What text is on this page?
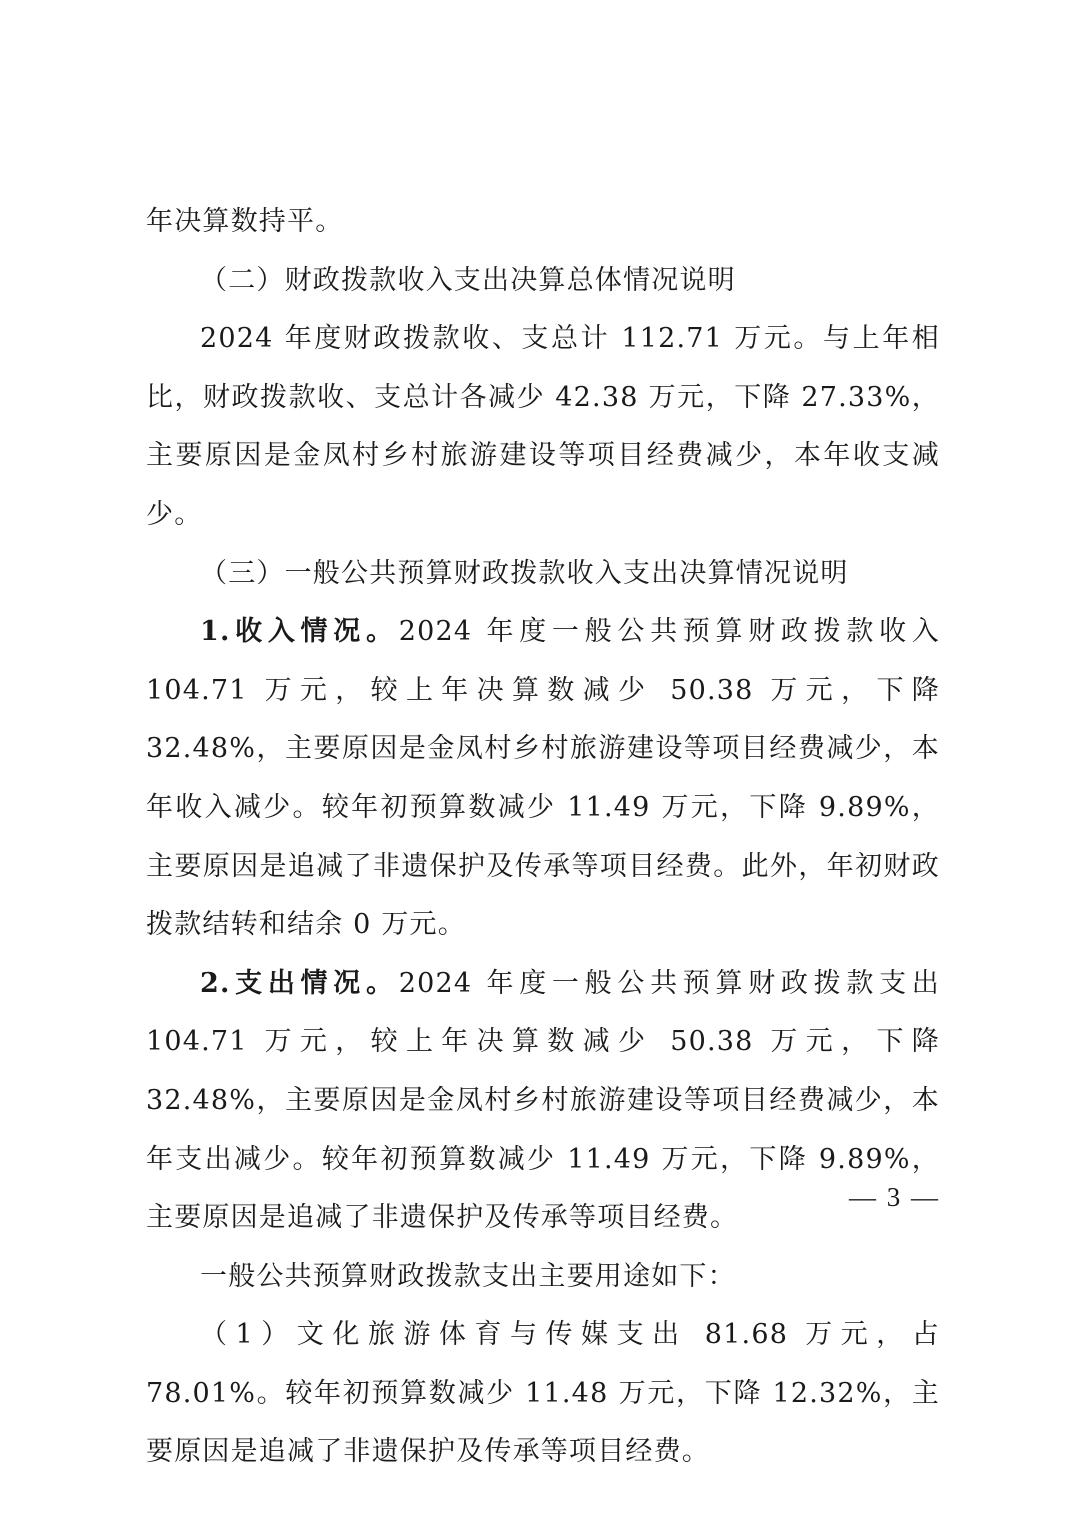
年决算数持平。

（二）财政拨款收入支出决算总体情况说明

2024 年度财政拨款收、支总计 112.71 万元。与上年相比，财政拨款收、支总计各减少 42.38 万元，下降 27.33%，主要原因是金凤村乡村旅游建设等项目经费减少，本年收支减少。

（三）一般公共预算财政拨款收入支出决算情况说明

1.收入情况。2024 年度一般公共预算财政拨款收入 104.71 万元，较上年决算数减少 50.38 万元，下降 32.48%，主要原因是金凤村乡村旅游建设等项目经费减少，本年收入减少。较年初预算数减少 11.49 万元，下降 9.89%，主要原因是追减了非遗保护及传承等项目经费。此外，年初财政拨款结转和结余 0 万元。

2.支出情况。2024 年度一般公共预算财政拨款支出 104.71 万元，较上年决算数减少 50.38 万元，下降 32.48%，主要原因是金凤村乡村旅游建设等项目经费减少，本年支出减少。较年初预算数减少 11.49 万元，下降 9.89%，主要原因是追减了非遗保护及传承等项目经费。

一般公共预算财政拨款支出主要用途如下：

（1）文化旅游体育与传媒支出 81.68 万元，占 78.01%。较年初预算数减少 11.48 万元，下降 12.32%，主要原因是追减了非遗保护及传承等项目经费。

— 3 —
